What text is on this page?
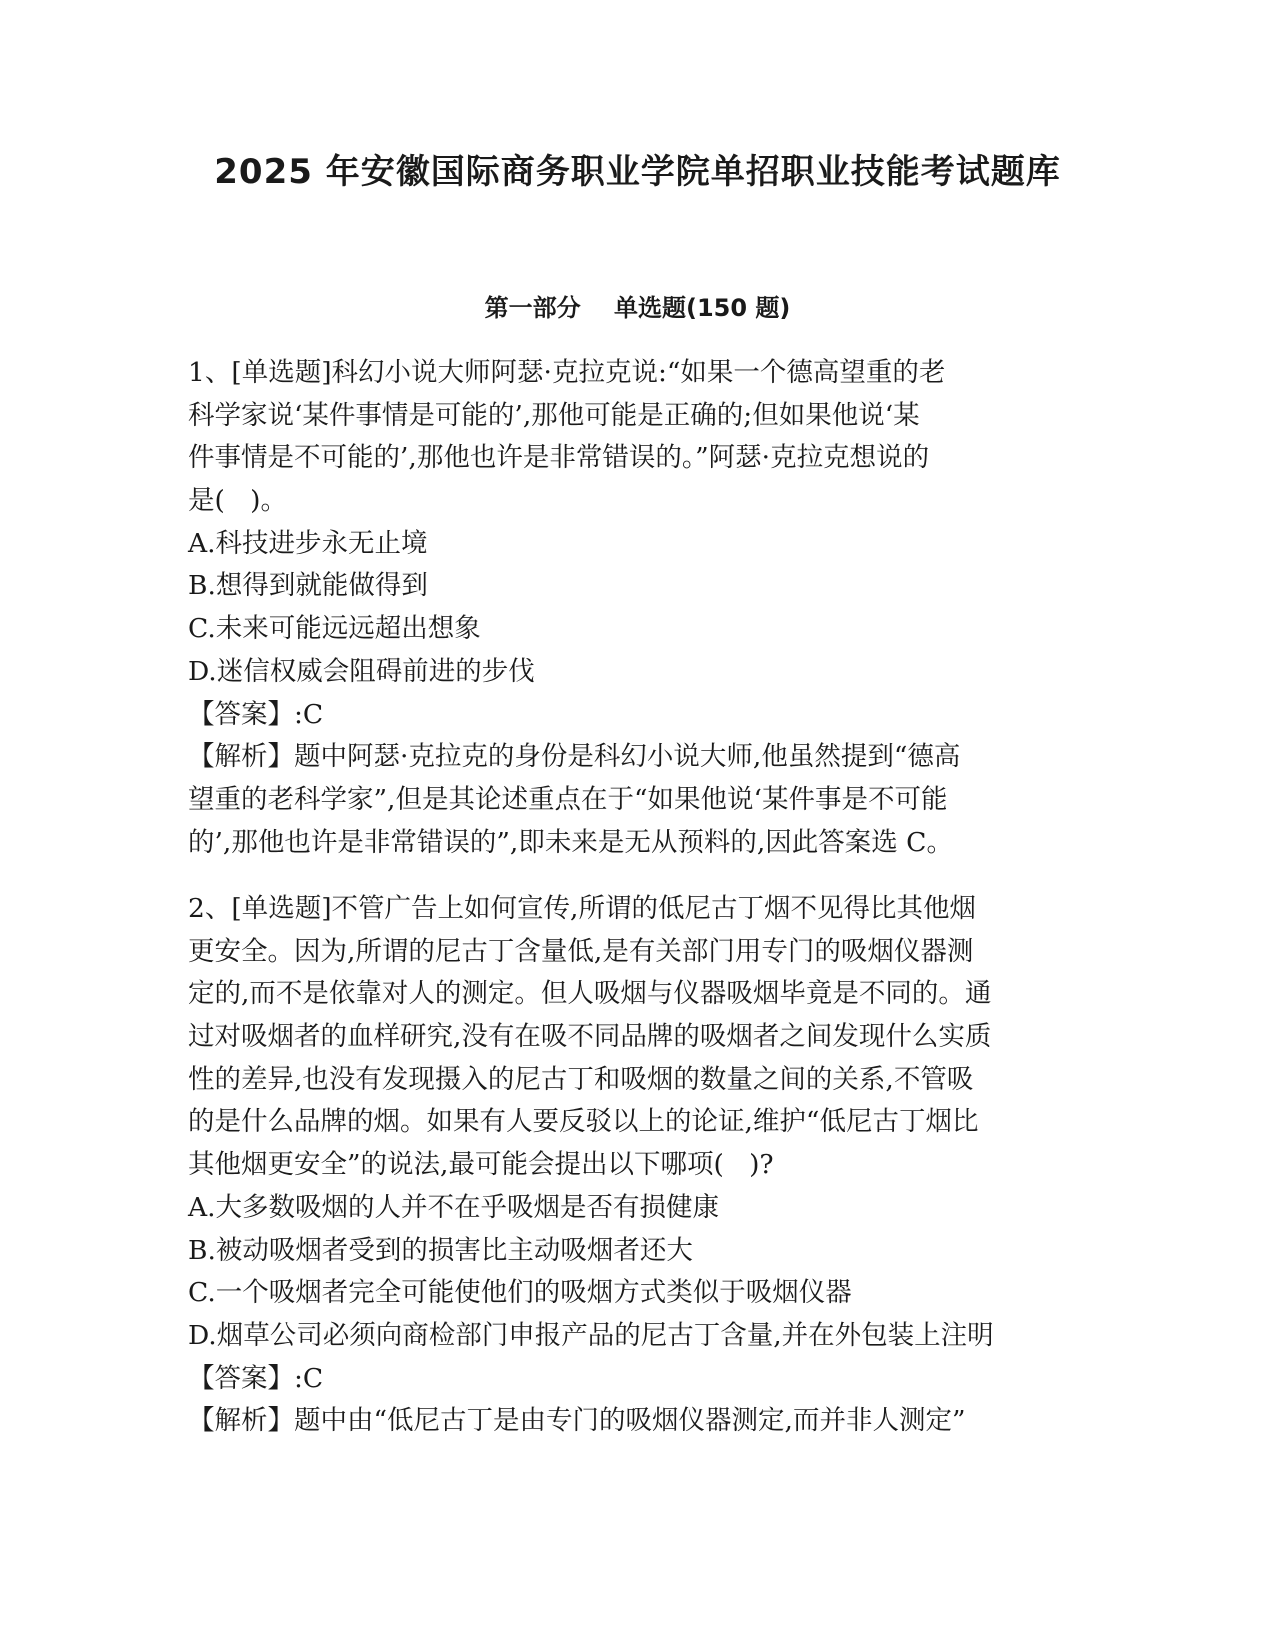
2025 年安徽国际商务职业学院单招职业技能考试题库
第一部分    单选题(150 题)
1、[单选题]科幻小说大师阿瑟·克拉克说:“如果一个德高望重的老
科学家说‘某件事情是可能的’,那他可能是正确的;但如果他说‘某
件事情是不可能的’,那他也许是非常错误的。”阿瑟·克拉克想说的
是(   )。
A.科技进步永无止境
B.想得到就能做得到
C.未来可能远远超出想象
D.迷信权威会阻碍前进的步伐
【答案】:C
【解析】题中阿瑟·克拉克的身份是科幻小说大师,他虽然提到“德高
望重的老科学家”,但是其论述重点在于“如果他说‘某件事是不可能
的’,那他也许是非常错误的”,即未来是无从预料的,因此答案选 C。
2、[单选题]不管广告上如何宣传,所谓的低尼古丁烟不见得比其他烟
更安全。因为,所谓的尼古丁含量低,是有关部门用专门的吸烟仪器测
定的,而不是依靠对人的测定。但人吸烟与仪器吸烟毕竟是不同的。通
过对吸烟者的血样研究,没有在吸不同品牌的吸烟者之间发现什么实质
性的差异,也没有发现摄入的尼古丁和吸烟的数量之间的关系,不管吸
的是什么品牌的烟。如果有人要反驳以上的论证,维护“低尼古丁烟比
其他烟更安全”的说法,最可能会提出以下哪项(   )?
A.大多数吸烟的人并不在乎吸烟是否有损健康
B.被动吸烟者受到的损害比主动吸烟者还大
C.一个吸烟者完全可能使他们的吸烟方式类似于吸烟仪器
D.烟草公司必须向商检部门申报产品的尼古丁含量,并在外包装上注明
【答案】:C
【解析】题中由“低尼古丁是由专门的吸烟仪器测定,而并非人测定”
